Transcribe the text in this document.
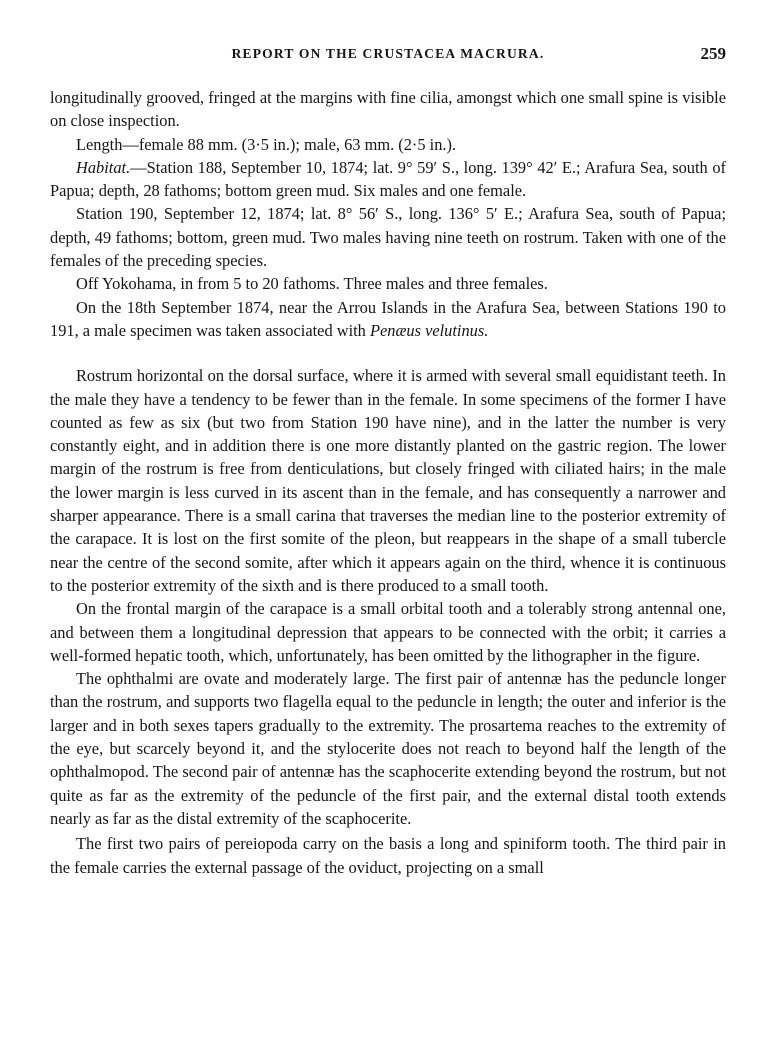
REPORT ON THE CRUSTACEA MACRURA.	259

longitudinally grooved, fringed at the margins with fine cilia, amongst which one small spine is visible on close inspection.

Length—female 88 mm. (3·5 in.); male, 63 mm. (2·5 in.).

Habitat.—Station 188, September 10, 1874; lat. 9° 59′ S., long. 139° 42′ E.; Arafura Sea, south of Papua; depth, 28 fathoms; bottom green mud. Six males and one female.

Station 190, September 12, 1874; lat. 8° 56′ S., long. 136° 5′ E.; Arafura Sea, south of Papua; depth, 49 fathoms; bottom, green mud. Two males having nine teeth on rostrum. Taken with one of the females of the preceding species.

Off Yokohama, in from 5 to 20 fathoms. Three males and three females.

On the 18th September 1874, near the Arrou Islands in the Arafura Sea, between Stations 190 to 191, a male specimen was taken associated with Penæus velutinus.

Rostrum horizontal on the dorsal surface, where it is armed with several small equidistant teeth. In the male they have a tendency to be fewer than in the female. In some specimens of the former I have counted as few as six (but two from Station 190 have nine), and in the latter the number is very constantly eight, and in addition there is one more distantly planted on the gastric region. The lower margin of the rostrum is free from denticulations, but closely fringed with ciliated hairs; in the male the lower margin is less curved in its ascent than in the female, and has consequently a narrower and sharper appearance. There is a small carina that traverses the median line to the posterior extremity of the carapace. It is lost on the first somite of the pleon, but reappears in the shape of a small tubercle near the centre of the second somite, after which it appears again on the third, whence it is continuous to the posterior extremity of the sixth and is there produced to a small tooth.

On the frontal margin of the carapace is a small orbital tooth and a tolerably strong antennal one, and between them a longitudinal depression that appears to be connected with the orbit; it carries a well-formed hepatic tooth, which, unfortunately, has been omitted by the lithographer in the figure.

The ophthalmi are ovate and moderately large. The first pair of antennæ has the peduncle longer than the rostrum, and supports two flagella equal to the peduncle in length; the outer and inferior is the larger and in both sexes tapers gradually to the extremity. The prosartema reaches to the extremity of the eye, but scarcely beyond it, and the stylocerite does not reach to beyond half the length of the ophthalmopod. The second pair of antennæ has the scaphocerite extending beyond the rostrum, but not quite as far as the extremity of the peduncle of the first pair, and the external distal tooth extends nearly as far as the distal extremity of the scaphocerite.

The first two pairs of pereiopoda carry on the basis a long and spiniform tooth. The third pair in the female carries the external passage of the oviduct, projecting on a small
